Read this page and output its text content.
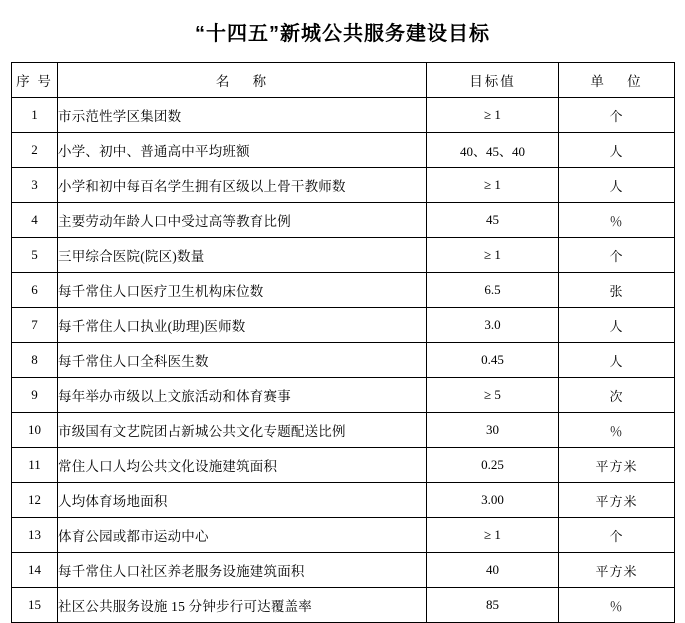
“十四五”新城公共服务建设目标
序 号	名　 称	目标值	单　 位
1	市示范性学区集团数	≥ 1	个
2	小学、初中、普通高中平均班额	40、45、40	人
3	小学和初中每百名学生拥有区级以上骨干教师数	≥ 1	人
4	主要劳动年龄人口中受过高等教育比例	45	％
5	三甲综合医院(院区)数量	≥ 1	个
6	每千常住人口医疗卫生机构床位数	6.5	张
7	每千常住人口执业(助理)医师数	3.0	人
8	每千常住人口全科医生数	0.45	人
9	每年举办市级以上文旅活动和体育赛事	≥ 5	次
10	市级国有文艺院团占新城公共文化专题配送比例	30	％
11	常住人口人均公共文化设施建筑面积	0.25	平方米
12	人均体育场地面积	3.00	平方米
13	体育公园或都市运动中心	≥ 1	个
14	每千常住人口社区养老服务设施建筑面积	40	平方米
15	社区公共服务设施 15 分钟步行可达覆盖率	85	％
